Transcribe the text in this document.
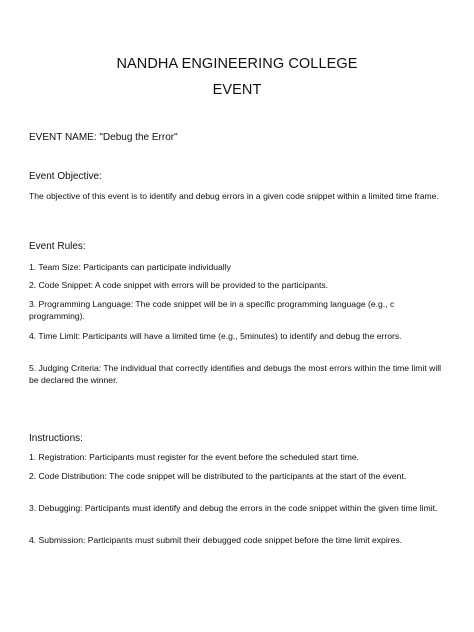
NANDHA ENGINEERING COLLEGE
EVENT
EVENT NAME: "Debug the Error"
Event Objective:
The objective of this event is to identify and debug errors in a given code snippet within a limited time frame.
Event Rules:
1. Team Size: Participants can participate individually
2. Code Snippet: A code snippet with errors will be provided to the participants.
3. Programming Language: The code snippet will be in a specific programming language (e.g., c programming).
4. Time Limit: Participants will have a limited time (e.g., 5minutes) to identify and debug the errors.
5. Judging Criteria: The individual that correctly identifies and debugs the most errors within the time limit will be declared the winner.
Instructions:
1. Registration: Participants must register for the event before the scheduled start time.
2. Code Distribution: The code snippet will be distributed to the participants at the start of the event.
3. Debugging: Participants must identify and debug the errors in the code snippet within the given time limit.
4. Submission: Participants must submit their debugged code snippet before the time limit expires.
